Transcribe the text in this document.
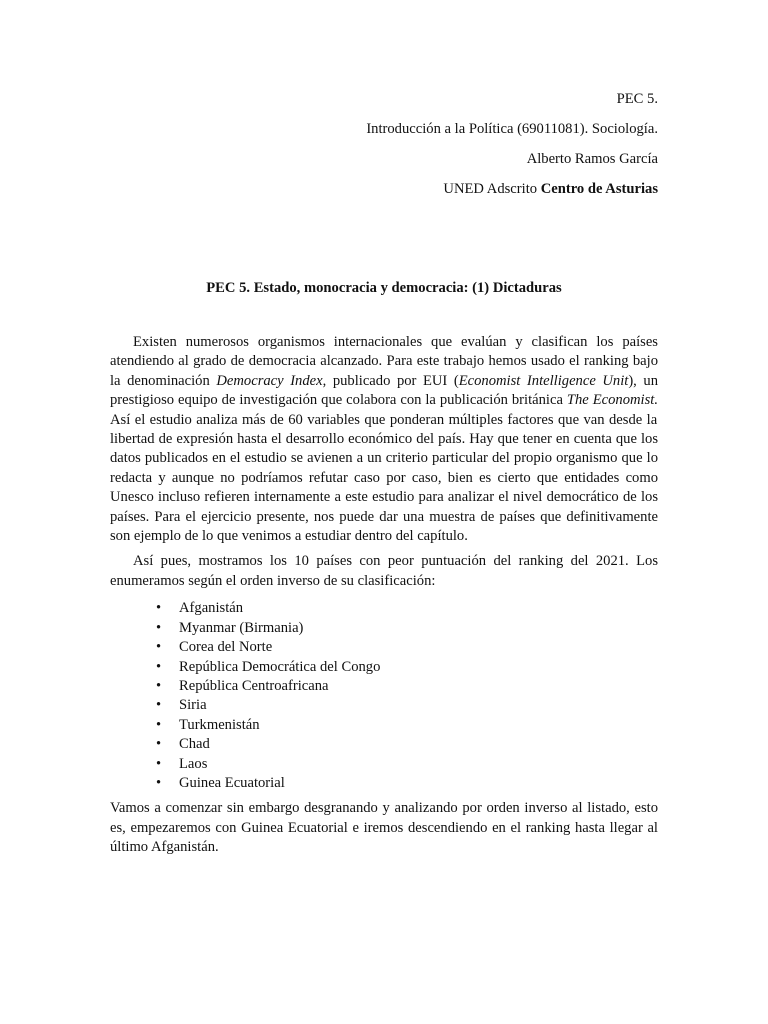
PEC 5.
Introducción a la Política (69011081). Sociología.
Alberto Ramos García
UNED Adscrito Centro de Asturias
PEC 5. Estado, monocracia y democracia: (1) Dictaduras

Existen numerosos organismos internacionales que evalúan y clasifican los países atendiendo al grado de democracia alcanzado. Para este trabajo hemos usado el ranking bajo la denominación Democracy Index, publicado por EUI (Economist Intelligence Unit), un prestigioso equipo de investigación que colabora con la publicación británica The Economist. Así el estudio analiza más de 60 variables que ponderan múltiples factores que van desde la libertad de expresión hasta el desarrollo económico del país. Hay que tener en cuenta que los datos publicados en el estudio se avienen a un criterio particular del propio organismo que lo redacta y aunque no podríamos refutar caso por caso, bien es cierto que entidades como Unesco incluso refieren internamente a este estudio para analizar el nivel democrático de los países. Para el ejercicio presente, nos puede dar una muestra de países que definitivamente son ejemplo de lo que venimos a estudiar dentro del capítulo.

Así pues, mostramos los 10 países con peor puntuación del ranking del 2021. Los enumeramos según el orden inverso de su clasificación:

• Afganistán
• Myanmar (Birmania)
• Corea del Norte
• República Democrática del Congo
• República Centroafricana
• Siria
• Turkmenistán
• Chad
• Laos
• Guinea Ecuatorial

Vamos a comenzar sin embargo desgranando y analizando por orden inverso al listado, esto es, empezaremos con Guinea Ecuatorial e iremos descendiendo en el ranking hasta llegar al último Afganistán.
